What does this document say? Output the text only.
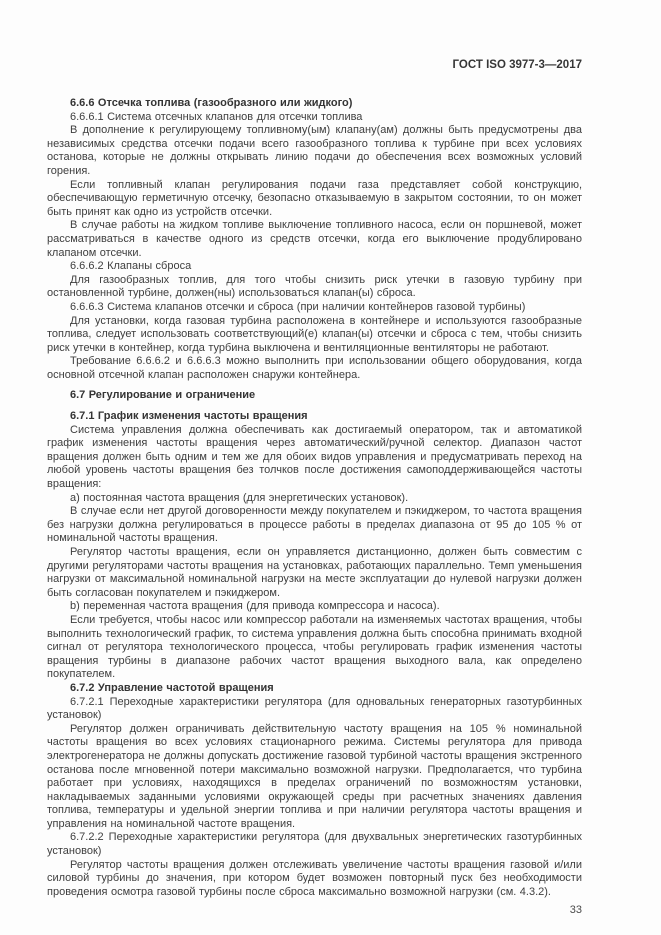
ГОСТ ISO 3977-3—2017

6.6.6 Отсечка топлива (газообразного или жидкого)

6.6.6.1 Система отсечных клапанов для отсечки топлива

В дополнение к регулирующему топливному(ым) клапану(ам) должны быть предусмотрены два независимых средства отсечки подачи всего газообразного топлива к турбине при всех условиях останова, которые не должны открывать линию подачи до обеспечения всех возможных условий горения.

Если топливный клапан регулирования подачи газа представляет собой конструкцию, обеспечивающую герметичную отсечку, безопасно отказываемую в закрытом состоянии, то он может быть принят как одно из устройств отсечки.

В случае работы на жидком топливе выключение топливного насоса, если он поршневой, может рассматриваться в качестве одного из средств отсечки, когда его выключение продублировано клапаном отсечки.

6.6.6.2 Клапаны сброса

Для газообразных топлив, для того чтобы снизить риск утечки в газовую турбину при остановленной турбине, должен(ны) использоваться клапан(ы) сброса.

6.6.6.3 Система клапанов отсечки и сброса (при наличии контейнеров газовой турбины)

Для установки, когда газовая турбина расположена в контейнере и используются газообразные топлива, следует использовать соответствующий(е) клапан(ы) отсечки и сброса с тем, чтобы снизить риск утечки в контейнер, когда турбина выключена и вентиляционные вентиляторы не работают.

Требование 6.6.6.2 и 6.6.6.3 можно выполнить при использовании общего оборудования, когда основной отсечной клапан расположен снаружи контейнера.

6.7 Регулирование и ограничение

6.7.1 График изменения частоты вращения

Система управления должна обеспечивать как достигаемый оператором, так и автоматикой график изменения частоты вращения через автоматический/ручной селектор. Диапазон частот вращения должен быть одним и тем же для обоих видов управления и предусматривать переход на любой уровень частоты вращения без толчков после достижения самоподдерживающейся частоты вращения:

a) постоянная частота вращения (для энергетических установок).

В случае если нет другой договоренности между покупателем и пэкиджером, то частота вращения без нагрузки должна регулироваться в процессе работы в пределах диапазона от 95 до 105 % от номинальной частоты вращения.

Регулятор частоты вращения, если он управляется дистанционно, должен быть совместим с другими регуляторами частоты вращения на установках, работающих параллельно. Темп уменьшения нагрузки от максимальной номинальной нагрузки на месте эксплуатации до нулевой нагрузки должен быть согласован покупателем и пэкиджером.

b) переменная частота вращения (для привода компрессора и насоса).

Если требуется, чтобы насос или компрессор работали на изменяемых частотах вращения, чтобы выполнить технологический график, то система управления должна быть способна принимать входной сигнал от регулятора технологического процесса, чтобы регулировать график изменения частоты вращения турбины в диапазоне рабочих частот вращения выходного вала, как определено покупателем.

6.7.2 Управление частотой вращения

6.7.2.1 Переходные характеристики регулятора (для одновальных генераторных газотурбинных установок)

Регулятор должен ограничивать действительную частоту вращения на 105 % номинальной частоты вращения во всех условиях стационарного режима. Системы регулятора для привода электрогенератора не должны допускать достижение газовой турбиной частоты вращения экстренного останова после мгновенной потери максимально возможной нагрузки. Предполагается, что турбина работает при условиях, находящихся в пределах ограничений по возможностям установки, накладываемых заданными условиями окружающей среды при расчетных значениях давления топлива, температуры и удельной энергии топлива и при наличии регулятора частоты вращения и управления на номинальной частоте вращения.

6.7.2.2 Переходные характеристики регулятора (для двухвальных энергетических газотурбинных установок)

Регулятор частоты вращения должен отслеживать увеличение частоты вращения газовой и/или силовой турбины до значения, при котором будет возможен повторный пуск без необходимости проведения осмотра газовой турбины после сброса максимально возможной нагрузки (см. 4.3.2).

33
